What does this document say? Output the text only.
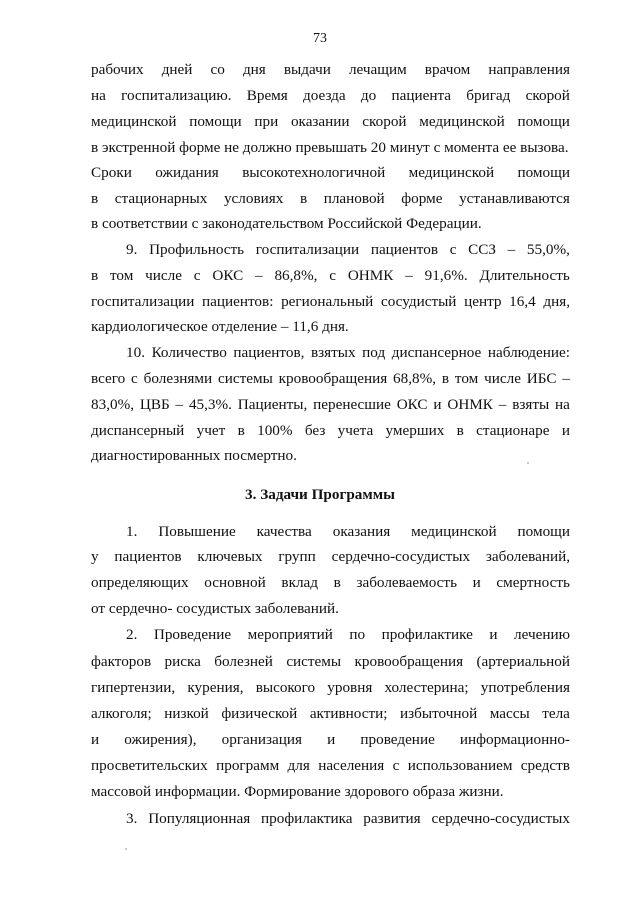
73
рабочих дней со дня выдачи лечащим врачом направления
на госпитализацию. Время доезда до пациента бригад скорой
медицинской помощи при оказании скорой медицинской помощи
в экстренной форме не должно превышать 20 минут с момента ее вызова.
Сроки ожидания высокотехнологичной медицинской помощи
в стационарных условиях в плановой форме устанавливаются
в соответствии с законодательством Российской Федерации.
9. Профильность госпитализации пациентов с ССЗ – 55,0%,
в том числе с ОКС – 86,8%, с ОНМК – 91,6%. Длительность
госпитализации пациентов: региональный сосудистый центр 16,4 дня,
кардиологическое отделение – 11,6 дня.
10. Количество пациентов, взятых под диспансерное наблюдение:
всего с болезнями системы кровообращения 68,8%, в том числе ИБС –
83,0%, ЦВБ – 45,3%. Пациенты, перенесшие ОКС и ОНМК – взяты на
диспансерный учет в 100% без учета умерших в стационаре и
диагностированных посмертно.
3. Задачи Программы
1. Повышение качества оказания медицинской помощи
у пациентов ключевых групп сердечно-сосудистых заболеваний,
определяющих основной вклад в заболеваемость и смертность
от сердечно- сосудистых заболеваний.
2. Проведение мероприятий по профилактике и лечению
факторов риска болезней системы кровообращения (артериальной
гипертензии, курения, высокого уровня холестерина; употребления
алкоголя; низкой физической активности; избыточной массы тела
и ожирения), организация и проведение информационно-
просветительских программ для населения с использованием средств
массовой информации. Формирование здорового образа жизни.
3. Популяционная профилактика развития сердечно-сосудистых
